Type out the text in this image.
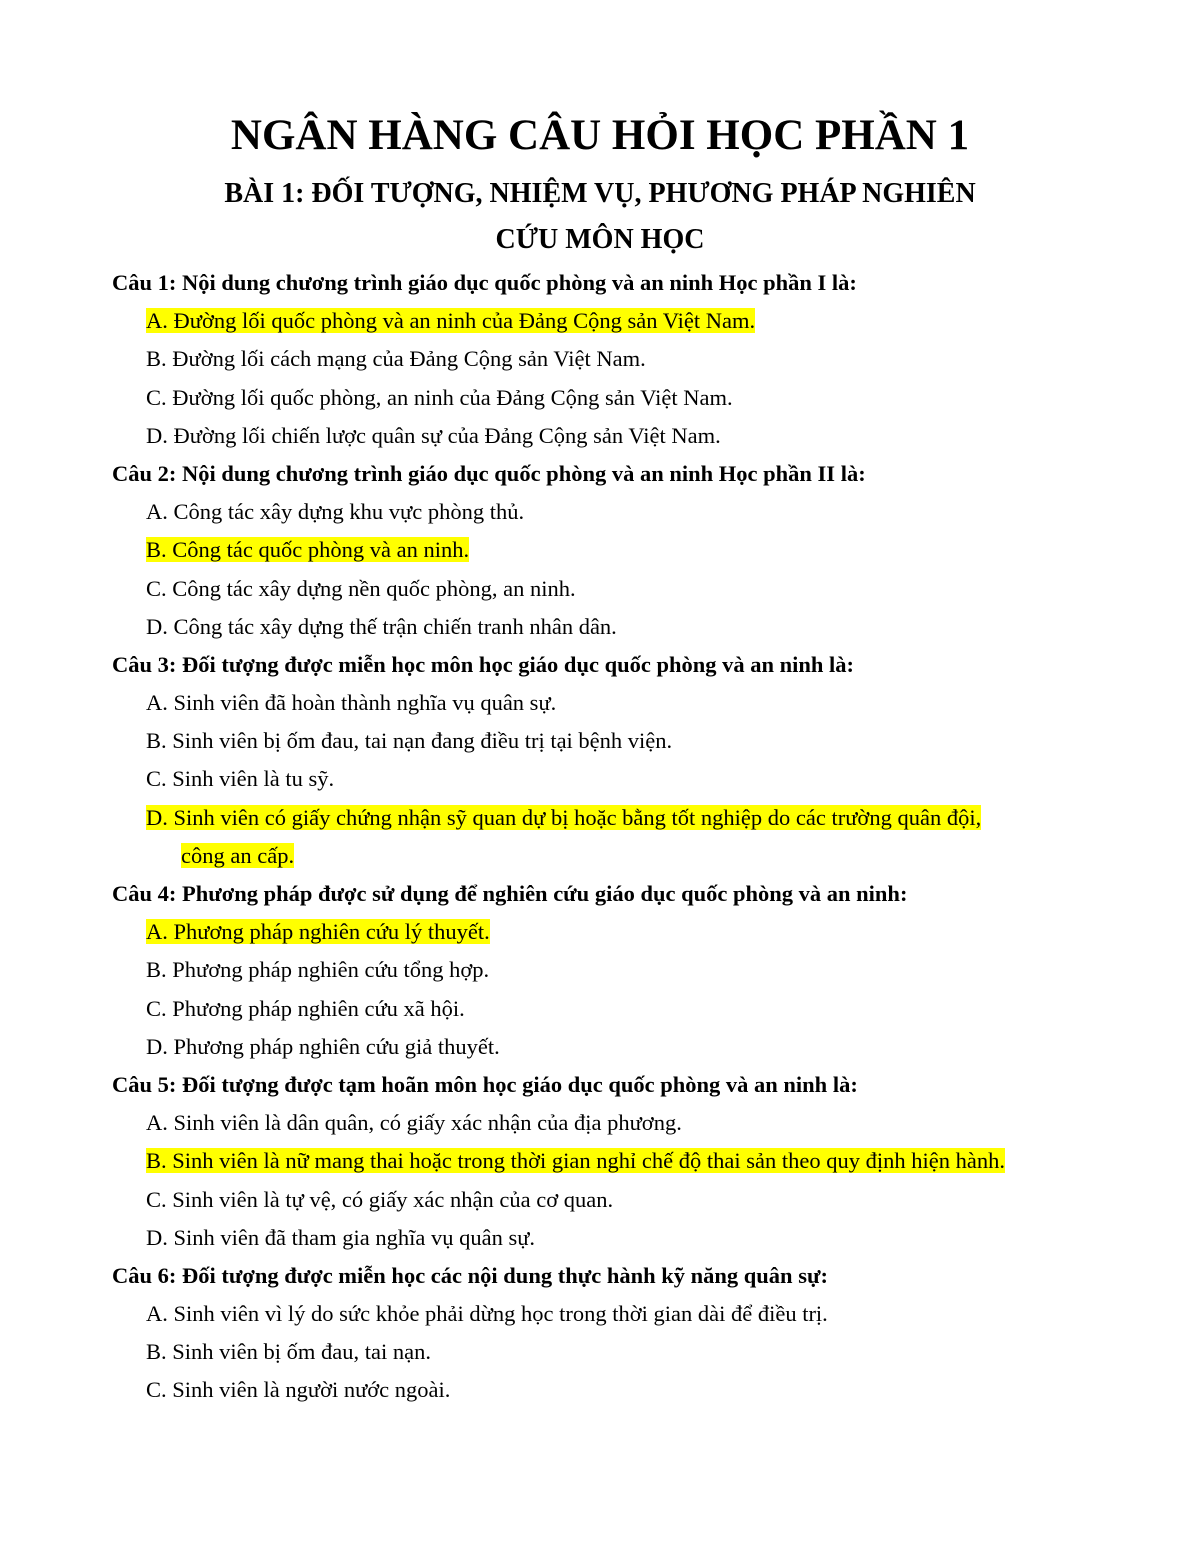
NGÂN HÀNG CÂU HỎI HỌC PHẦN 1
BÀI 1: ĐỐI TƯỢNG, NHIỆM VỤ, PHƯƠNG PHÁP NGHIÊN
CỨU MÔN HỌC
Câu 1: Nội dung chương trình giáo dục quốc phòng và an ninh Học phần I là:
A. Đường lối quốc phòng và an ninh của Đảng Cộng sản Việt Nam.
B. Đường lối cách mạng của Đảng Cộng sản Việt Nam.
C. Đường lối quốc phòng, an ninh của Đảng Cộng sản Việt Nam.
D. Đường lối chiến lược quân sự của Đảng Cộng sản Việt Nam.
Câu 2: Nội dung chương trình giáo dục quốc phòng và an ninh Học phần II là:
A. Công tác xây dựng khu vực phòng thủ.
B. Công tác quốc phòng và an ninh.
C. Công tác xây dựng nền quốc phòng, an ninh.
D. Công tác xây dựng thế trận chiến tranh nhân dân.
Câu 3: Đối tượng được miễn học môn học giáo dục quốc phòng và an ninh là:
A. Sinh viên đã hoàn thành nghĩa vụ quân sự.
B. Sinh viên bị ốm đau, tai nạn đang điều trị tại bệnh viện.
C. Sinh viên là tu sỹ.
D. Sinh viên có giấy chứng nhận sỹ quan dự bị hoặc bằng tốt nghiệp do các trường quân đội,
công an cấp.
Câu 4: Phương pháp được sử dụng để nghiên cứu giáo dục quốc phòng và an ninh:
A. Phương pháp nghiên cứu lý thuyết.
B. Phương pháp nghiên cứu tổng hợp.
C. Phương pháp nghiên cứu xã hội.
D. Phương pháp nghiên cứu giả thuyết.
Câu 5: Đối tượng được tạm hoãn môn học giáo dục quốc phòng và an ninh là:
A. Sinh viên là dân quân, có giấy xác nhận của địa phương.
B. Sinh viên là nữ mang thai hoặc trong thời gian nghỉ chế độ thai sản theo quy định hiện hành.
C. Sinh viên là tự vệ, có giấy xác nhận của cơ quan.
D. Sinh viên đã tham gia nghĩa vụ quân sự.
Câu 6: Đối tượng được miễn học các nội dung thực hành kỹ năng quân sự:
A. Sinh viên vì lý do sức khỏe phải dừng học trong thời gian dài để điều trị.
B. Sinh viên bị ốm đau, tai nạn.
C. Sinh viên là người nước ngoài.
